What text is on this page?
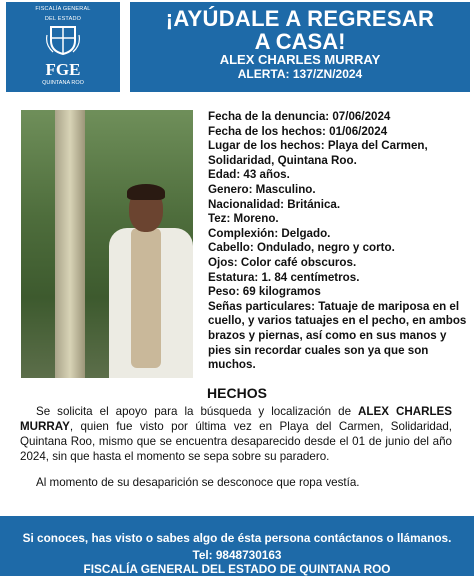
FISCALÍA GENERAL
DEL ESTADO
FGE
QUINTANA ROO
¡AYÚDALE A REGRESAR
A CASA!
ALEX CHARLES MURRAY
ALERTA: 137/ZN/2024

Fecha de la denuncia: 07/06/2024

Fecha de los hechos: 01/06/2024

Lugar de los hechos: Playa del Carmen, Solidaridad, Quintana Roo.

Edad: 43 años.

Genero: Masculino.

Nacionalidad: Británica.

Tez: Moreno.

Complexión: Delgado.

Cabello: Ondulado, negro y corto.

Ojos: Color café obscuros.

Estatura: 1. 84 centímetros.

Peso: 69 kilogramos

Señas particulares: Tatuaje de mariposa en el cuello, y varios tatuajes en el pecho, en ambos brazos y piernas, así como en sus manos y pies sin recordar cuales son ya que son muchos.

HECHOS
Se solicita el apoyo para la búsqueda y localización de ALEX CHARLES MURRAY, quien fue visto por última vez en Playa del Carmen, Solidaridad, Quintana Roo, mismo que se encuentra desaparecido desde el 01 de junio del año 2024, sin que hasta el momento se sepa sobre su paradero.
Al momento de su desaparición se desconoce que ropa vestía.
Si conoces, has visto o sabes algo de ésta persona contáctanos o llámanos.
Tel: 9848730163
FISCALÍA GENERAL DEL ESTADO DE QUINTANA ROO
